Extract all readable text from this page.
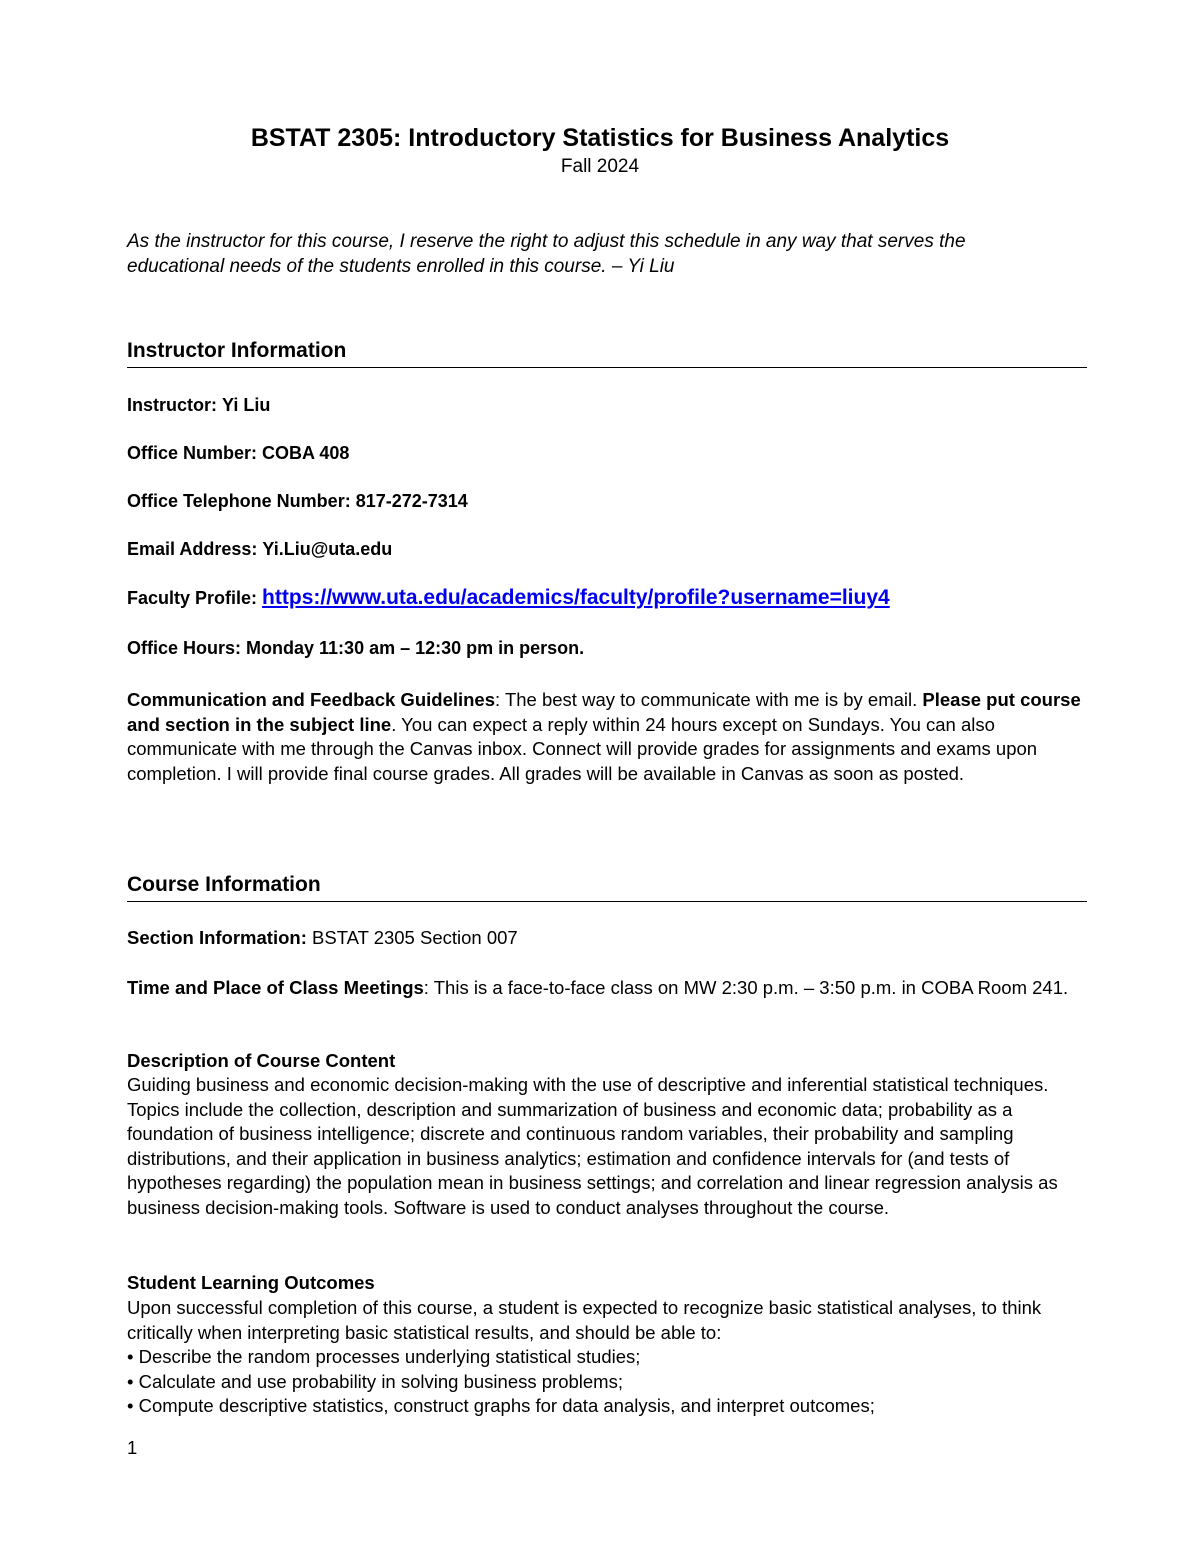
BSTAT 2305: Introductory Statistics for Business Analytics

Fall 2024

As the instructor for this course, I reserve the right to adjust this schedule in any way that serves the
educational needs of the students enrolled in this course. – Yi Liu

Instructor Information

Instructor: Yi Liu

Office Number: COBA 408

Office Telephone Number: 817-272-7314

Email Address: Yi.Liu@uta.edu

Faculty Profile: https://www.uta.edu/academics/faculty/profile?username=liuy4

Office Hours: Monday 11:30 am – 12:30 pm in person.

Communication and Feedback Guidelines: The best way to communicate with me is by email. Please put course and section in the subject line. You can expect a reply within 24 hours except on Sundays. You can also communicate with me through the Canvas inbox. Connect will provide grades for assignments and exams upon completion. I will provide final course grades. All grades will be available in Canvas as soon as posted.

Course Information

Section Information: BSTAT 2305 Section 007

Time and Place of Class Meetings: This is a face-to-face class on MW 2:30 p.m. – 3:50 p.m. in COBA Room 241.

Description of Course Content

Guiding business and economic decision-making with the use of descriptive and inferential statistical techniques. Topics include the collection, description and summarization of business and economic data; probability as a foundation of business intelligence; discrete and continuous random variables, their probability and sampling distributions, and their application in business analytics; estimation and confidence intervals for (and tests of hypotheses regarding) the population mean in business settings; and correlation and linear regression analysis as business decision-making tools. Software is used to conduct analyses throughout the course.

Student Learning Outcomes

Upon successful completion of this course, a student is expected to recognize basic statistical analyses, to think critically when interpreting basic statistical results, and should be able to:

• Describe the random processes underlying statistical studies;

• Calculate and use probability in solving business problems;

• Compute descriptive statistics, construct graphs for data analysis, and interpret outcomes;

1
